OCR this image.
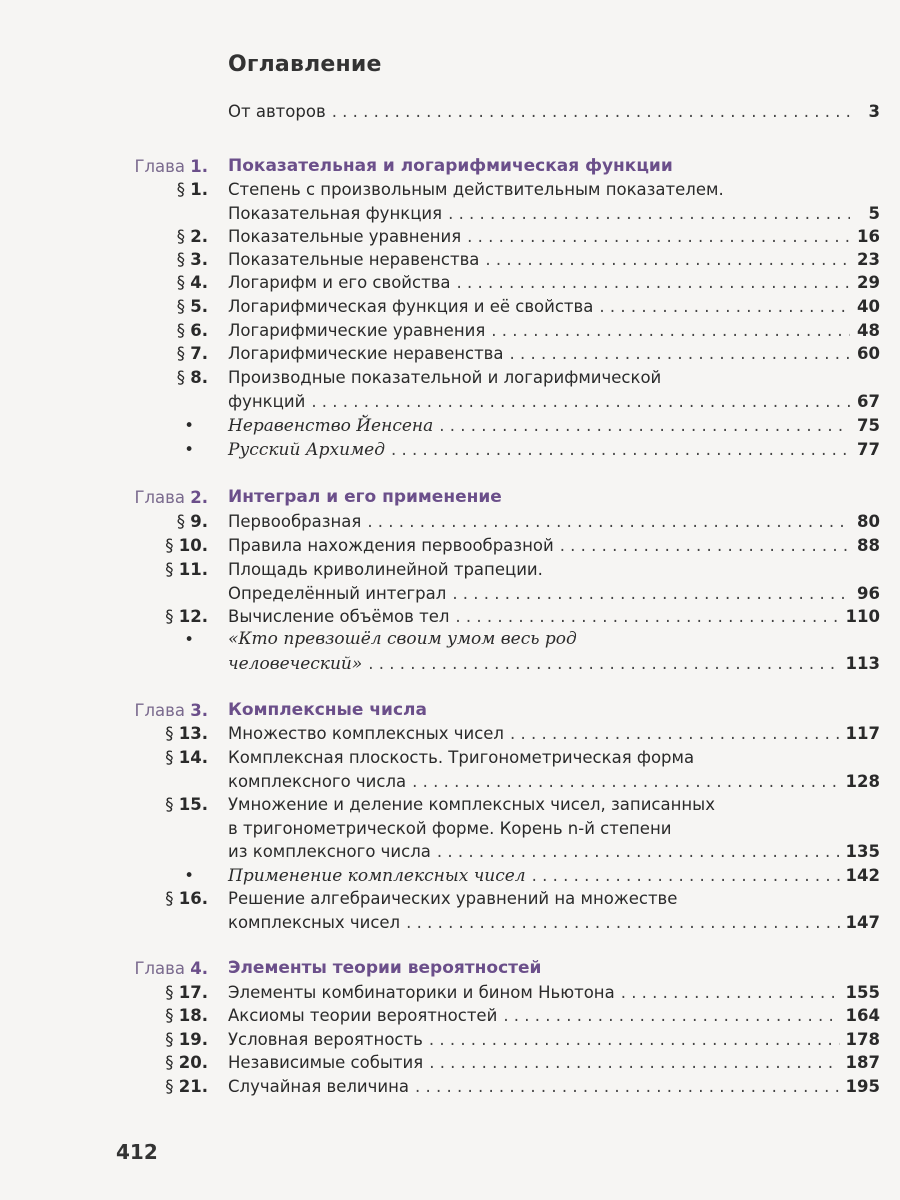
Оглавление
От авторов . . .	3
Глава 1. Показательная и логарифмическая функции
§ 1. Степень с произвольным действительным показателем.
Показательная функция . . .	5
§ 2. Показательные уравнения . . .	16
§ 3. Показательные неравенства . . .	23
§ 4. Логарифм и его свойства . . .	29
§ 5. Логарифмическая функция и её свойства . . .	40
§ 6. Логарифмические уравнения . . .	48
§ 7. Логарифмические неравенства . . .	60
§ 8. Производные показательной и логарифмической
функций . . .	67
• Неравенство Йенсена . . .	75
• Русский Архимед . . .	77
Глава 2. Интеграл и его применение
§ 9. Первообразная . . .	80
§ 10. Правила нахождения первообразной . . .	88
§ 11. Площадь криволинейной трапеции.
Определённый интеграл . . .	96
§ 12. Вычисление объёмов тел . . .	110
• «Кто превзошёл своим умом весь род
человеческий» . . .	113
Глава 3. Комплексные числа
§ 13. Множество комплексных чисел . . .	117
§ 14. Комплексная плоскость. Тригонометрическая форма
комплексного числа . . .	128
§ 15. Умножение и деление комплексных чисел, записанных
в тригонометрической форме. Корень n-й степени
из комплексного числа . . .	135
• Применение комплексных чисел . . .	142
§ 16. Решение алгебраических уравнений на множестве
комплексных чисел . . .	147
Глава 4. Элементы теории вероятностей
§ 17. Элементы комбинаторики и бином Ньютона . . .	155
§ 18. Аксиомы теории вероятностей . . .	164
§ 19. Условная вероятность . . .	178
§ 20. Независимые события . . .	187
§ 21. Случайная величина . . .	195
412
